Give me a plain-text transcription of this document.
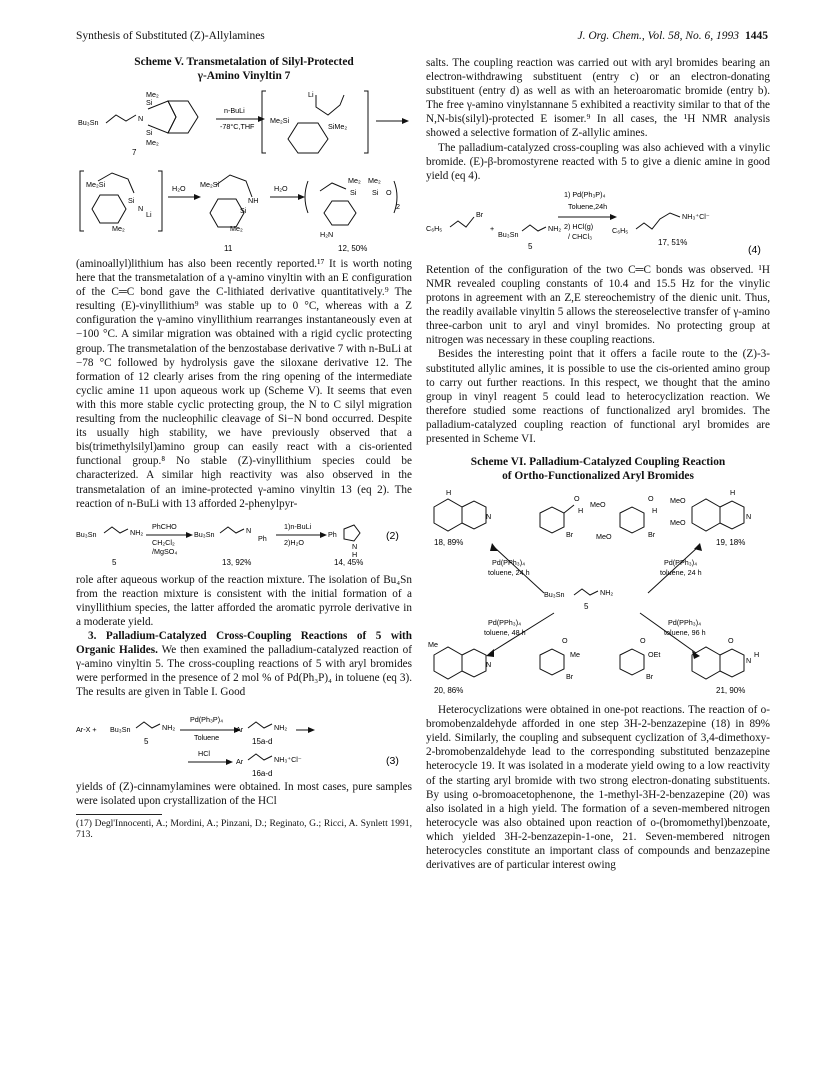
Synthesis of Substituted (Z)-Allylamines	J. Org. Chem., Vol. 58, No. 6, 1993 1445
Scheme V. Transmetalation of Silyl-Protected
γ-Amino Vinyltin 7
Bu₃Sn	N
Si
Me₂
Si
Me₂
n-BuLi
-78°C,THF
7
Li
Me₂Si
SiMe₂
Me₂Si
Si
N
Li
Me₂
H₂O Me₂Si
NH
Si
Me₂
H₂O
Me₂ Me₂
Si Si O
2
H₂N
11	12, 50%

(aminoallyl)lithium has also been recently reported.¹⁷ It is worth noting here that the transmetalation of a γ-amino vinyltin with an E configuration of the C═C bond gave the C-lithiated derivative quantitatively.⁹ The resulting (E)-vinyllithium⁹ was stable up to 0 °C, whereas with a Z configuration the γ-amino vinyllithium rearranges instantaneously even at −100 °C. A similar migration was obtained with a rigid cyclic protecting group. The transmetalation of the benzostabase derivative 7 with n-BuLi at −78 °C followed by hydrolysis gave the siloxane derivative 12. The formation of 12 clearly arises from the ring opening of the intermediate cyclic amine 11 upon aqueous work up (Scheme V). It seems that even with this more stable cyclic protecting group, the N to C silyl migration resulting from the nucleophilic cleavage of Si−N bond occurred. Despite its usually high stability, we have previously observed that a bis(trimethylsilyl)amino group can easily react with a cis-oriented functional group.⁸ No stable (Z)-vinyllithium species could be characterized. A similar high reactivity was also observed in the transmetalation of an imine-protected γ-amino vinyltin 13 (eq 2). The reaction of n-BuLi with 13 afforded 2-phenylpyr-

Bu₃Sn	NH₂
PhCHO
CH₂Cl₂
/MgSO₄
Bu₃Sn	N
Ph
1)n-BuLi
2)H₂O
Ph
N
H
5	13, 92%	14, 45%
(2)

role after aqueous workup of the reaction mixture. The isolation of Bu₄Sn from the reaction mixture is consistent with the initial formation of a vinyllithium species, the latter afforded the aromatic pyrrole derivative in a moderate yield.

3. Palladium-Catalyzed Cross-Coupling Reactions of 5 with Organic Halides. We then examined the palladium-catalyzed reaction of γ-amino vinyltin 5. The cross-coupling reactions of 5 with aryl bromides were performed in the presence of 2 mol % of Pd(Ph₃P)₄ in toluene (eq 3). The results are given in Table I. Good

Ar-X + Bu₃Sn	NH₂
Pd(Ph₃P)₄
Toluene
Ar	NH₂
5	15a-d
HCl
Ar	NH₃⁺Cl⁻
16a-d
(3)

yields of (Z)-cinnamylamines were obtained. In most cases, pure samples were isolated upon crystallization of the HCl

(17) Degl'Innocenti, A.; Mordini, A.; Pinzani, D.; Reginato, G.; Ricci, A. Synlett 1991, 713.

salts. The coupling reaction was carried out with aryl bromides bearing an electron-withdrawing substituent (entry c) or an electron-donating substituent (entry d) as well as with an heteroaromatic bromide (entry b). The free γ-amino vinylstannane 5 exhibited a reactivity similar to that of the N,N-bis(silyl)-protected E isomer.⁹ In all cases, the ¹H NMR analysis showed a selective formation of Z-allylic amines.

The palladium-catalyzed cross-coupling was also achieved with a vinylic bromide. (E)-β-bromostyrene reacted with 5 to give a dienic amine in good yield (eq 4).

C₆H₅
Br
+
Bu₃Sn
NH₂
1) Pd(Ph₃P)₄
Toluene,24h
2) HCl(g)
/ CHCl₃
C₆H₅
NH₃⁺Cl⁻
5	17, 51%
(4)

Retention of the configuration of the two C═C bonds was observed. ¹H NMR revealed coupling constants of 10.4 and 15.5 Hz for the vinylic protons in agreement with an Z,E stereochemistry of the dienic unit. Thus, the readily available vinyltin 5 allows the stereoselective transfer of γ-amino three-carbon unit to aryl and vinyl bromides. No protecting group at nitrogen was necessary in these coupling reactions.

Besides the interesting point that it offers a facile route to the (Z)-3-substituted allylic amines, it is possible to use the cis-oriented amino group to carry out further reactions. In this respect, we thought that the amino group in vinyl reagent 5 could lead to heterocyclization reaction. We therefore studied some reactions of functionalized aryl bromides. The palladium-catalyzed coupling reaction of functional aryl bromides are presented in Scheme VI.

Scheme VI. Palladium-Catalyzed Coupling Reaction
of Ortho-Functionalized Aryl Bromides
H
N
18, 89%
O
H
Br
MeO
MeO
O
H
Br
MeO
MeO
H
N
19, 18%
Pd(PPh₃)₄
toluene, 24 h
Pd(PPh₃)₄
toluene, 24 h
Bu₃Sn	NH₂
5
Pd(PPh₃)₄
toluene, 48 h
Pd(PPh₃)₄
toluene, 96 h
Me
N
20, 86%
O
Me
Br
O
OEt
Br
O
N
H
21, 90%

Heterocyclizations were obtained in one-pot reactions. The reaction of o-bromobenzaldehyde afforded in one step 3H-2-benzazepine (18) in 89% yield. Similarly, the coupling and subsequent cyclization of 3,4-dimethoxy-2-bromobenzaldehyde lead to the corresponding substituted benzazepine heterocycle 19. It was isolated in a moderate yield owing to a low reactivity of the starting aryl bromide with two strong electron-donating substituents. By using o-bromoacetophenone, the 1-methyl-3H-2-benzazepine (20) was also isolated in a high yield. The formation of a seven-membered nitrogen heterocycle was also obtained upon reaction of o-(bromomethyl)benzoate, which yielded 3H-2-benzazepin-1-one, 21. Seven-membered nitrogen heterocycles constitute an important class of compounds and benzazepine derivatives are of particular interest owing
